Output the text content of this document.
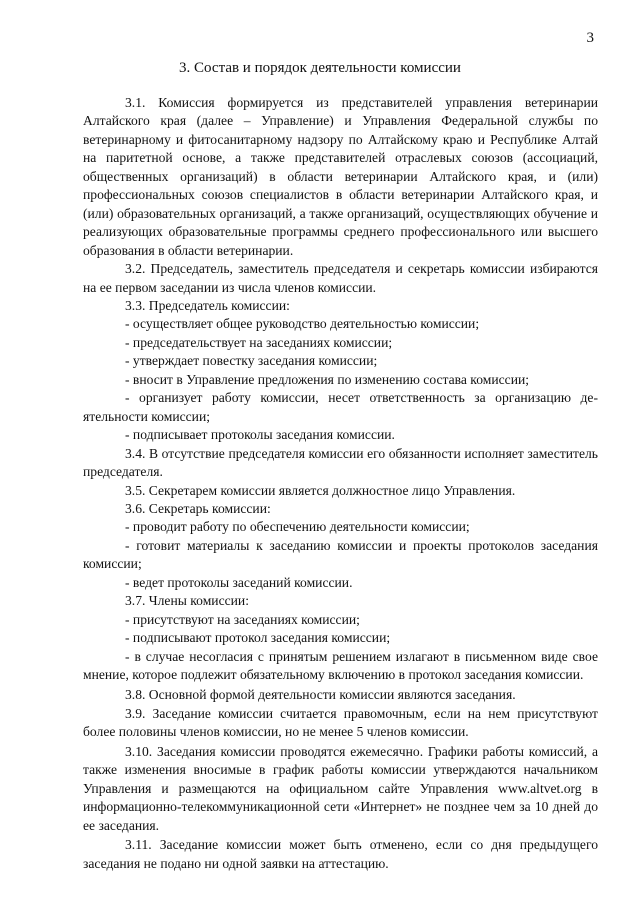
3
3. Состав и порядок деятельности комиссии

3.1. Комиссия формируется из представителей управления ветеринарии Алтайского края (далее – Управление) и Управления Федеральной службы по ветеринарному и фитосанитарному надзору по Алтайскому краю и Республике Алтай на паритетной основе, а также представителей отраслевых союзов (ассоциаций, общественных организаций) в области ветеринарии Алтайского края, и (или) профессиональных союзов специалистов в области ветеринарии Алтайского края, и (или) образовательных организаций, а также организаций, осуществляющих обучение и реализующих образовательные программы среднего профессионального или высшего образования в области ветеринарии.

3.2. Председатель, заместитель председателя и секретарь комиссии избираются на ее первом заседании из числа членов комиссии.

3.3. Председатель комиссии:

- осуществляет общее руководство деятельностью комиссии;

- председательствует на заседаниях комиссии;

- утверждает повестку заседания комиссии;

- вносит в Управление предложения по изменению состава комиссии;

- организует работу комиссии, несет ответственность за организацию деятельности комиссии;

- подписывает протоколы заседания комиссии.

3.4. В отсутствие председателя комиссии его обязанности исполняет заместитель председателя.

3.5. Секретарем комиссии является должностное лицо Управления.

3.6. Секретарь комиссии:

- проводит работу по обеспечению деятельности комиссии;

- готовит материалы к заседанию комиссии и проекты протоколов заседания комиссии;

- ведет протоколы заседаний комиссии.

3.7. Члены комиссии:

- присутствуют на заседаниях комиссии;

- подписывают протокол заседания комиссии;

- в случае несогласия с принятым решением излагают в письменном виде свое мнение, которое подлежит обязательному включению в протокол заседания комиссии.

3.8. Основной формой деятельности комиссии являются заседания.

3.9. Заседание комиссии считается правомочным, если на нем присутствуют более половины членов комиссии, но не менее 5 членов комиссии.

3.10. Заседания комиссии проводятся ежемесячно. Графики работы комиссий, а также изменения вносимые в график работы комиссии утверждаются начальником Управления и размещаются на официальном сайте Управления www.altvet.org в информационно-телекоммуникационной сети «Интернет» не позднее чем за 10 дней до ее заседания.

3.11. Заседание комиссии может быть отменено, если со дня предыдущего заседания не подано ни одной заявки на аттестацию.
